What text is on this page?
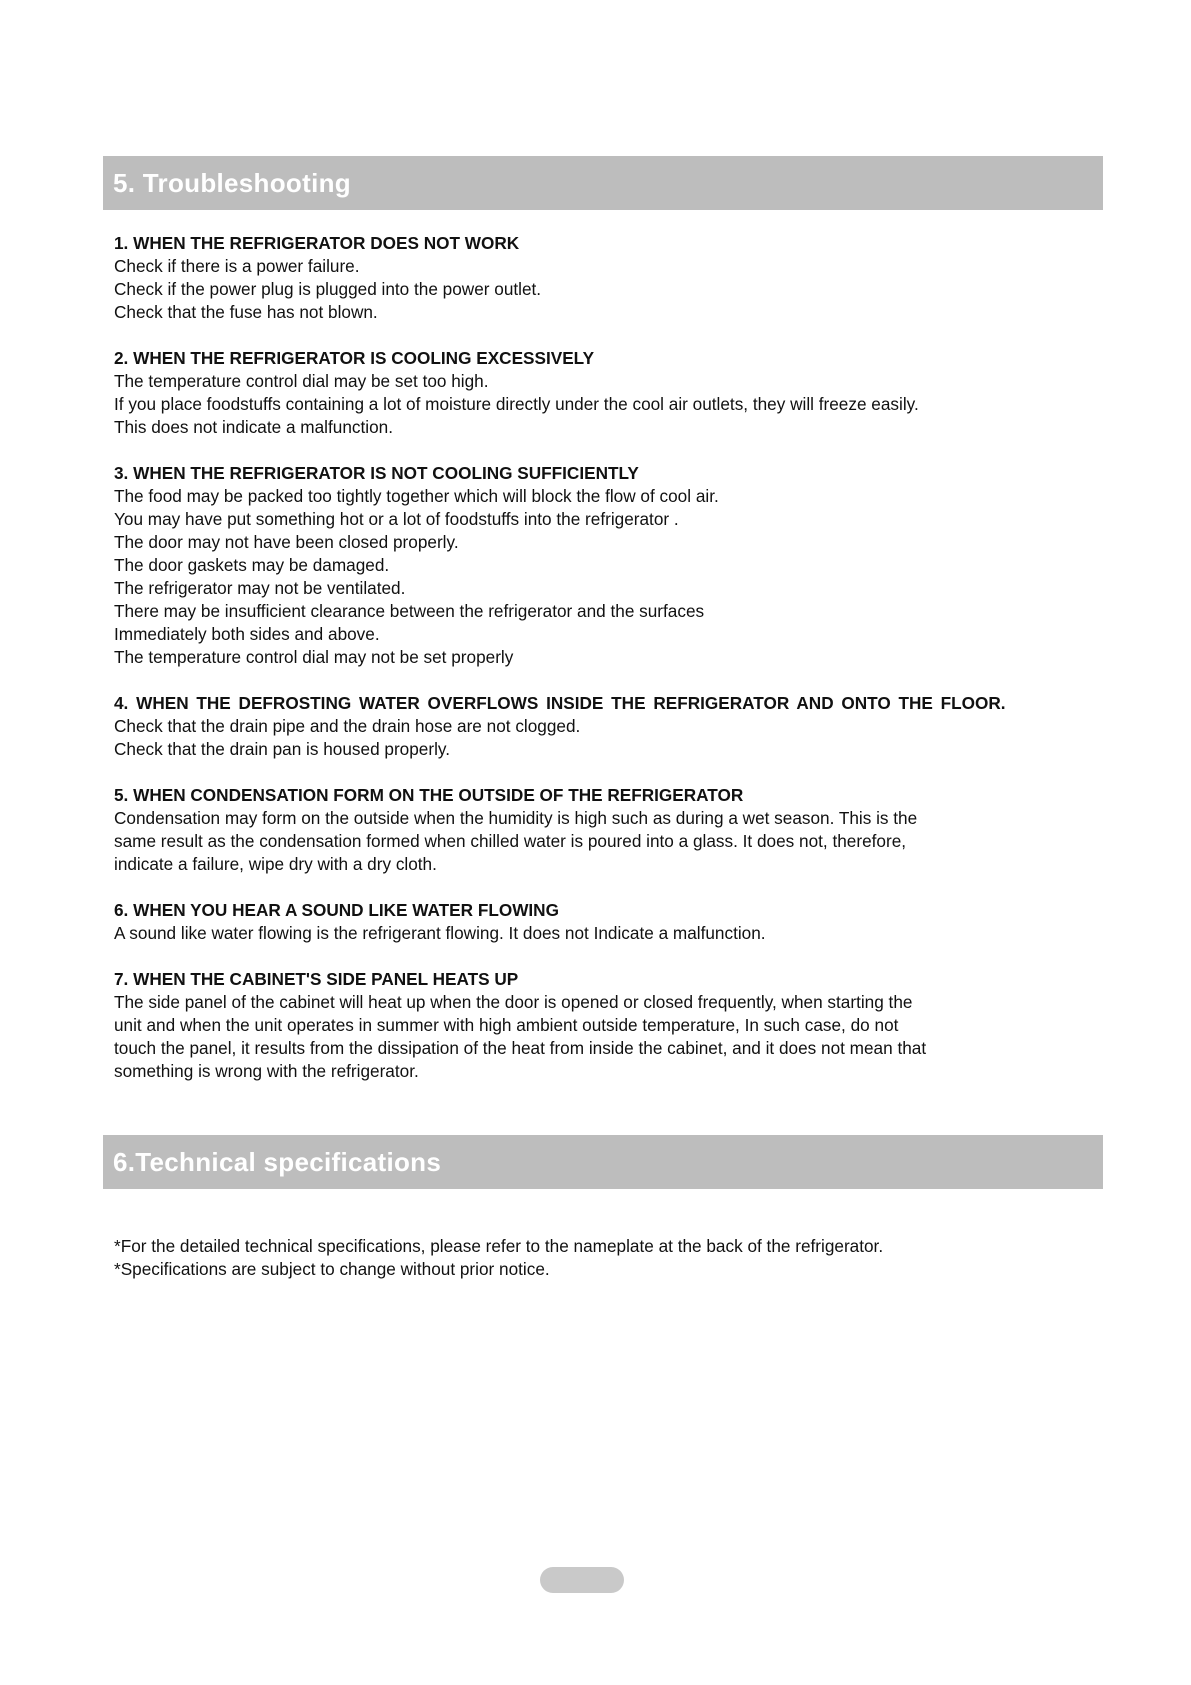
5. Troubleshooting

1. WHEN THE REFRIGERATOR DOES NOT WORK

Check if there is a power failure.

Check if the power plug is plugged into the power outlet.

Check that the fuse has not blown.

2. WHEN THE REFRIGERATOR IS COOLING EXCESSIVELY

The temperature control dial may be set too high.

If you place foodstuffs containing a lot of moisture directly under the cool air outlets, they will freeze easily.

This does not indicate a malfunction.

3. WHEN THE REFRIGERATOR IS NOT COOLING SUFFICIENTLY

The food may be packed too tightly together which will block the flow of cool air.

You may have put something hot or a lot of foodstuffs into the refrigerator .

The door may not have been closed properly.

The door gaskets may be damaged.

The refrigerator may not be ventilated.

There may be insufficient clearance between the refrigerator and the surfaces

Immediately both sides and above.

The temperature control dial may not be set properly

4. WHEN THE DEFROSTING WATER OVERFLOWS INSIDE THE REFRIGERATOR AND ONTO THE FLOOR.

Check that the drain pipe and the drain hose are not clogged.

Check that the drain pan is housed properly.

5. WHEN CONDENSATION FORM ON THE OUTSIDE OF THE REFRIGERATOR

Condensation may form on the outside when the humidity is high such as during a wet season. This is the

same result as the condensation formed when chilled water is poured into a glass. It does not, therefore,

indicate a failure, wipe dry with a dry cloth.

6. WHEN YOU HEAR A SOUND LIKE WATER FLOWING

A sound like water flowing is the refrigerant flowing. It does not Indicate a malfunction.

7. WHEN THE CABINET'S SIDE PANEL HEATS UP

The side panel of the cabinet will heat up when the door is opened or closed frequently, when starting the

unit and when the unit operates in summer with high ambient outside temperature, In such case, do not

touch the panel, it results from the dissipation of the heat from inside the cabinet, and it does not mean that

something is wrong with the refrigerator.

6.Technical specifications

*For the detailed technical specifications, please refer to the nameplate at the back of the refrigerator.

*Specifications are subject to change without prior notice.
